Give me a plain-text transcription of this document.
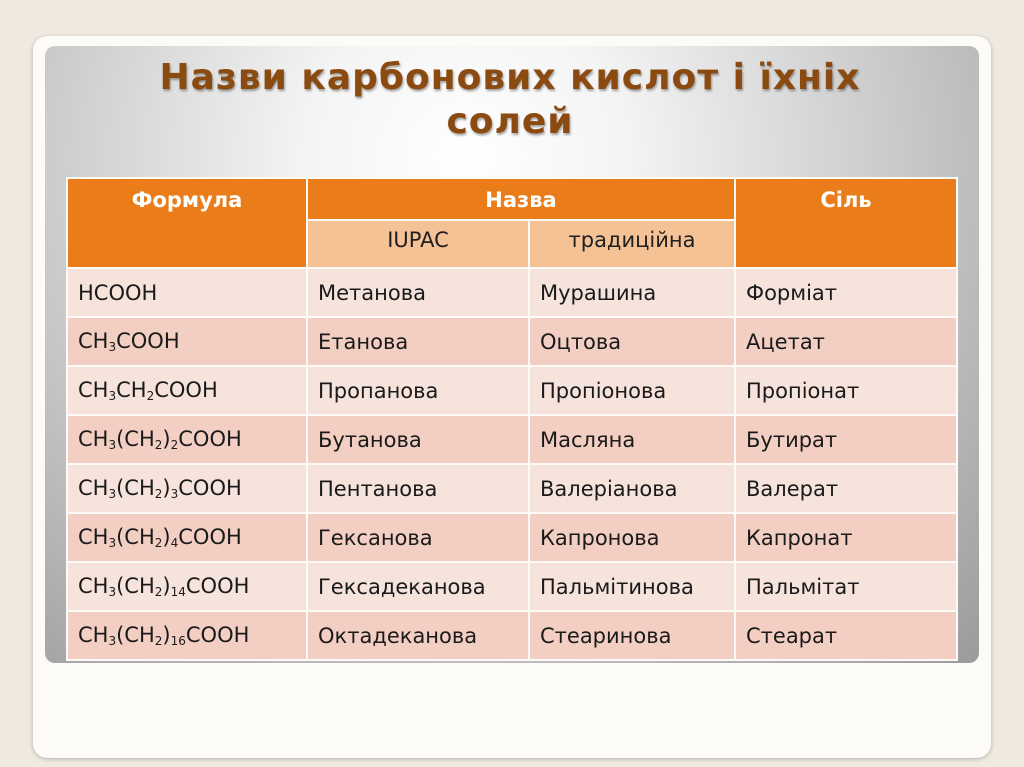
Назви карбонових кислот і їхніх
солей
Формула	Назва		Сіль
	IUPAC	традиційна	
HCOOH	Метанова	Мурашина	Форміат
$CH_3COOH$	Етанова	Оцтова	Ацетат
$CH_3CH_2COOH$	Пропанова	Пропіонова	Пропіонат
$CH_3(CH_2)_2COOH$	Бутанова	Масляна	Бутират
$CH_3(CH_2)_3COOH$	Пентанова	Валеріанова	Валерат
$CH_3(CH_2)_4COOH$	Гексанова	Капронова	Капронат
$CH_3(CH_2)_{14}COOH$	Гексадеканова	Пальмітинова	Пальмітат
$CH_3(CH_2)_{16}COOH$	Октадеканова	Стеаринова	Стеарат
